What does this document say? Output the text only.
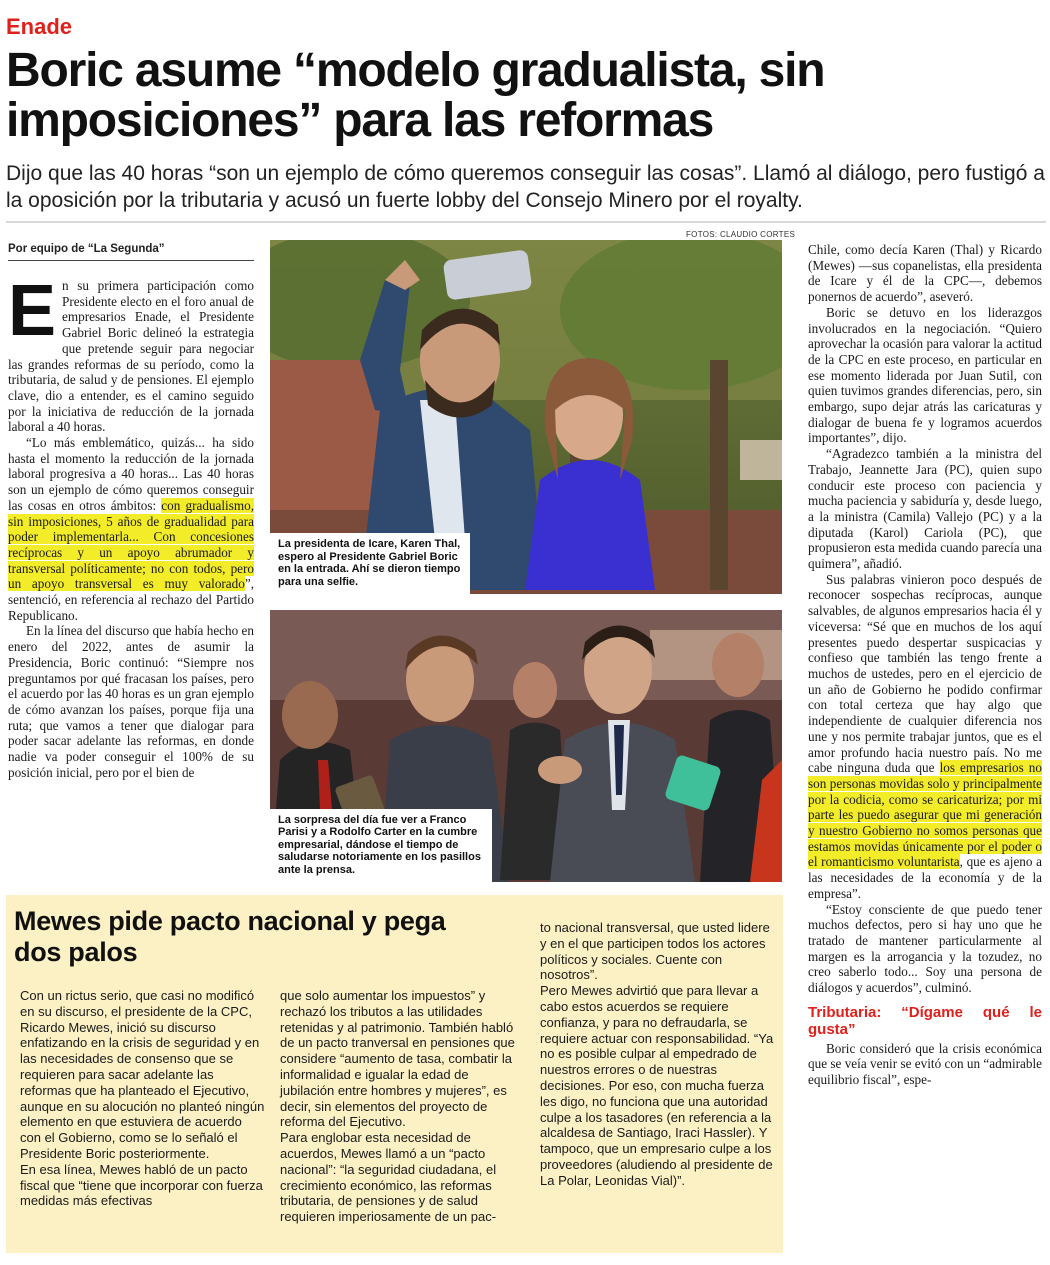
Enade
Boric asume “modelo gradualista, sin imposiciones” para las reformas
Dijo que las 40 horas “son un ejemplo de cómo queremos conseguir las cosas”. Llamó al diálogo, pero fustigó a la oposición por la tributaria y acusó un fuerte lobby del Consejo Minero por el royalty.
FOTOS: CLAUDIO CORTES
Por equipo de “La Segunda”

En su primera participación como Presidente electo en el foro anual de empresarios Enade, el Presidente Gabriel Boric delineó la estrategia que pretende seguir para negociar las grandes reformas de su período, como la tributaria, de salud y de pensiones. El ejemplo clave, dio a entender, es el camino seguido por la iniciativa de reducción de la jornada laboral a 40 horas.

“Lo más emblemático, quizás... ha sido hasta el momento la reducción de la jornada laboral progresiva a 40 horas... Las 40 horas son un ejemplo de cómo queremos conseguir las cosas en otros ámbitos: con gradualismo, sin imposiciones, 5 años de gradualidad para poder implementarla... Con concesiones recíprocas y un apoyo abrumador y transversal políticamente; no con todos, pero un apoyo transversal es muy valorado”, sentenció, en referencia al rechazo del Partido Republicano.

En la línea del discurso que había hecho en enero del 2022, antes de asumir la Presidencia, Boric continuó: “Siempre nos preguntamos por qué fracasan los países, pero el acuerdo por las 40 horas es un gran ejemplo de cómo avanzan los países, porque fija una ruta; que vamos a tener que dialogar para poder sacar adelante las reformas, en donde nadie va poder conseguir el 100% de su posición inicial, pero por el bien de

La presidenta de Icare, Karen Thal, espero al Presidente Gabriel Boric en la entrada. Ahí se dieron tiempo para una selfie.
La sorpresa del día fue ver a Franco Parisi y a Rodolfo Carter en la cumbre empresarial, dándose el tiempo de saludarse notoriamente en los pasillos ante la prensa.

Chile, como decía Karen (Thal) y Ricardo (Mewes) —sus copanelistas, ella presidenta de Icare y él de la CPC—, debemos ponernos de acuerdo”, aseveró.

Boric se detuvo en los liderazgos involucrados en la negociación. “Quiero aprovechar la ocasión para valorar la actitud de la CPC en este proceso, en particular en ese momento liderada por Juan Sutil, con quien tuvimos grandes diferencias, pero, sin embargo, supo dejar atrás las caricaturas y dialogar de buena fe y logramos acuerdos importantes”, dijo.

“Agradezco también a la ministra del Trabajo, Jeannette Jara (PC), quien supo conducir este proceso con paciencia y mucha paciencia y sabiduría y, desde luego, a la ministra (Camila) Vallejo (PC) y a la diputada (Karol) Cariola (PC), que propusieron esta medida cuando parecía una quimera”, añadió.

Sus palabras vinieron poco después de reconocer sospechas recíprocas, aunque salvables, de algunos empresarios hacia él y viceversa: “Sé que en muchos de los aquí presentes puedo despertar suspicacias y confieso que también las tengo frente a muchos de ustedes, pero en el ejercicio de un año de Gobierno he podido confirmar con total certeza que hay algo que independiente de cualquier diferencia nos une y nos permite trabajar juntos, que es el amor profundo hacia nuestro país. No me cabe ninguna duda que los empresarios no son personas movidas solo y principalmente por la codicia, como se caricaturiza; por mi parte les puedo asegurar que mi generación y nuestro Gobierno no somos personas que estamos movidas únicamente por el poder o el romanticismo voluntarista, que es ajeno a las necesidades de la economía y de la empresa”.

“Estoy consciente de que puedo tener muchos defectos, pero si hay uno que he tratado de mantener particularmente al margen es la arrogancia y la tozudez, no creo saberlo todo... Soy una persona de diálogos y acuerdos”, culminó.

Tributaria: “Dígame qué le gusta”

Boric consideró que la crisis económica que se veía venir se evitó con un “admirable equilibrio fiscal”, espe-

Mewes pide pacto nacional y pega dos palos

Con un rictus serio, que casi no modificó en su discurso, el presidente de la CPC, Ricardo Mewes, inició su discurso enfatizando en la crisis de seguridad y en las necesidades de consenso que se requieren para sacar adelante las reformas que ha planteado el Ejecutivo, aunque en su alocución no planteó ningún elemento en que estuviera de acuerdo con el Gobierno, como se lo señaló el Presidente Boric posteriormente.

En esa línea, Mewes habló de un pacto fiscal que “tiene que incorporar con fuerza medidas más efectivas

que solo aumentar los impuestos” y rechazó los tributos a las utilidades retenidas y al patrimonio. También habló de un pacto tranversal en pensiones que considere “aumento de tasa, combatir la informalidad e igualar la edad de jubilación entre hombres y mujeres”, es decir, sin elementos del proyecto de reforma del Ejecutivo.

Para englobar esta necesidad de acuerdos, Mewes llamó a un “pacto nacional”: “la seguridad ciudadana, el crecimiento económico, las reformas tributaria, de pensiones y de salud requieren imperiosamente de un pac-

to nacional transversal, que usted lidere y en el que participen todos los actores políticos y sociales. Cuente con nosotros”.

Pero Mewes advirtió que para llevar a cabo estos acuerdos se requiere confianza, y para no defraudarla, se requiere actuar con responsabilidad. “Ya no es posible culpar al empedrado de nuestros errores o de nuestras decisiones. Por eso, con mucha fuerza les digo, no funciona que una autoridad culpe a los tasadores (en referencia a la alcaldesa de Santiago, Iraci Hassler). Y tampoco, que un empresario culpe a los proveedores (aludiendo al presidente de La Polar, Leonidas Vial)”.
